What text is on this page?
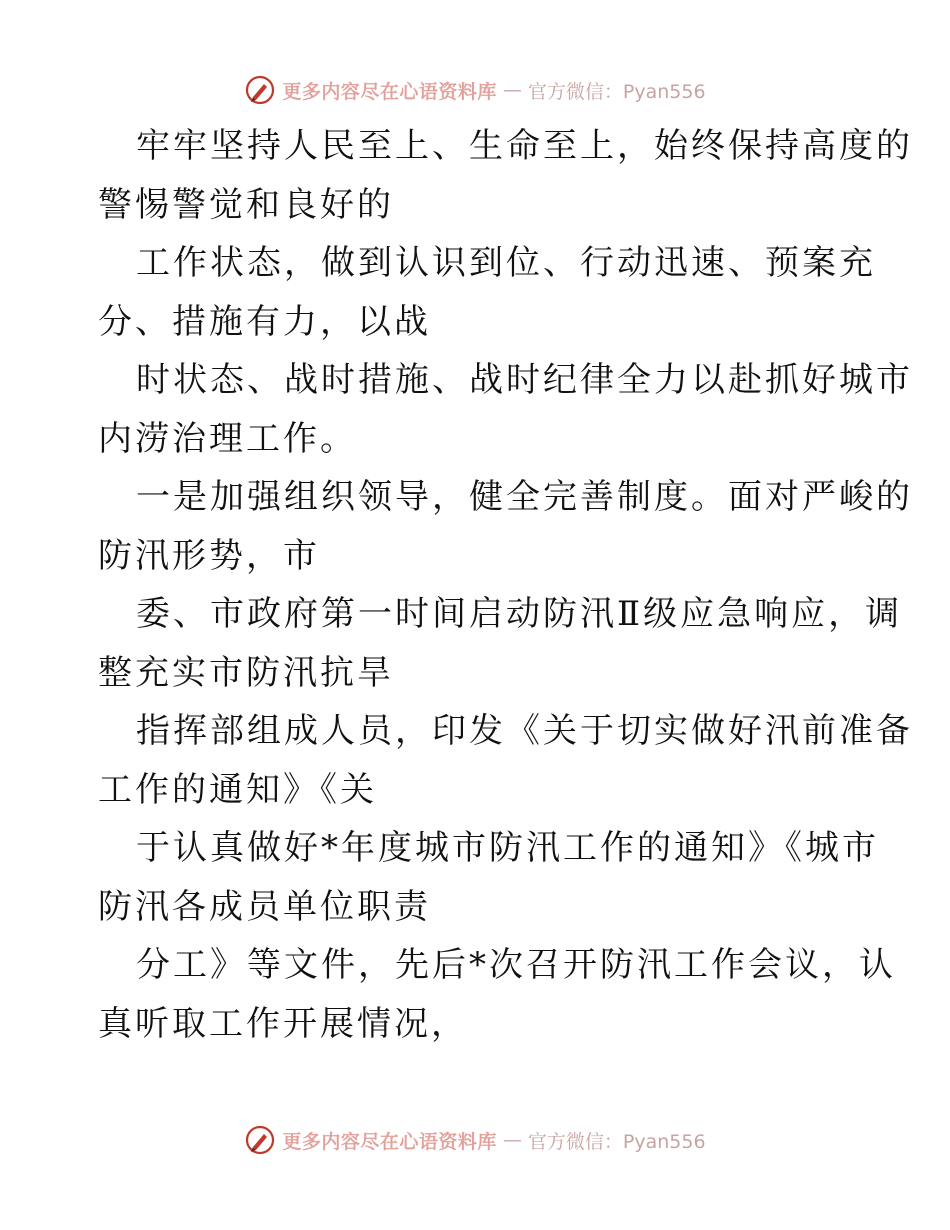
更多内容尽在心语资料库 — 官方微信：Pyan556
牢牢坚持人民至上、生命至上，始终保持高度的
警惕警觉和良好的
工作状态，做到认识到位、行动迅速、预案充
分、措施有力，以战
时状态、战时措施、战时纪律全力以赴抓好城市
内涝治理工作。
一是加强组织领导，健全完善制度。面对严峻的
防汛形势，市
委、市政府第一时间启动防汛Ⅱ级应急响应，调
整充实市防汛抗旱
指挥部组成人员，印发《关于切实做好汛前准备
工作的通知》《关
于认真做好*年度城市防汛工作的通知》《城市
防汛各成员单位职责
分工》等文件，先后*次召开防汛工作会议，认
真听取工作开展情况，
更多内容尽在心语资料库 — 官方微信：Pyan556
